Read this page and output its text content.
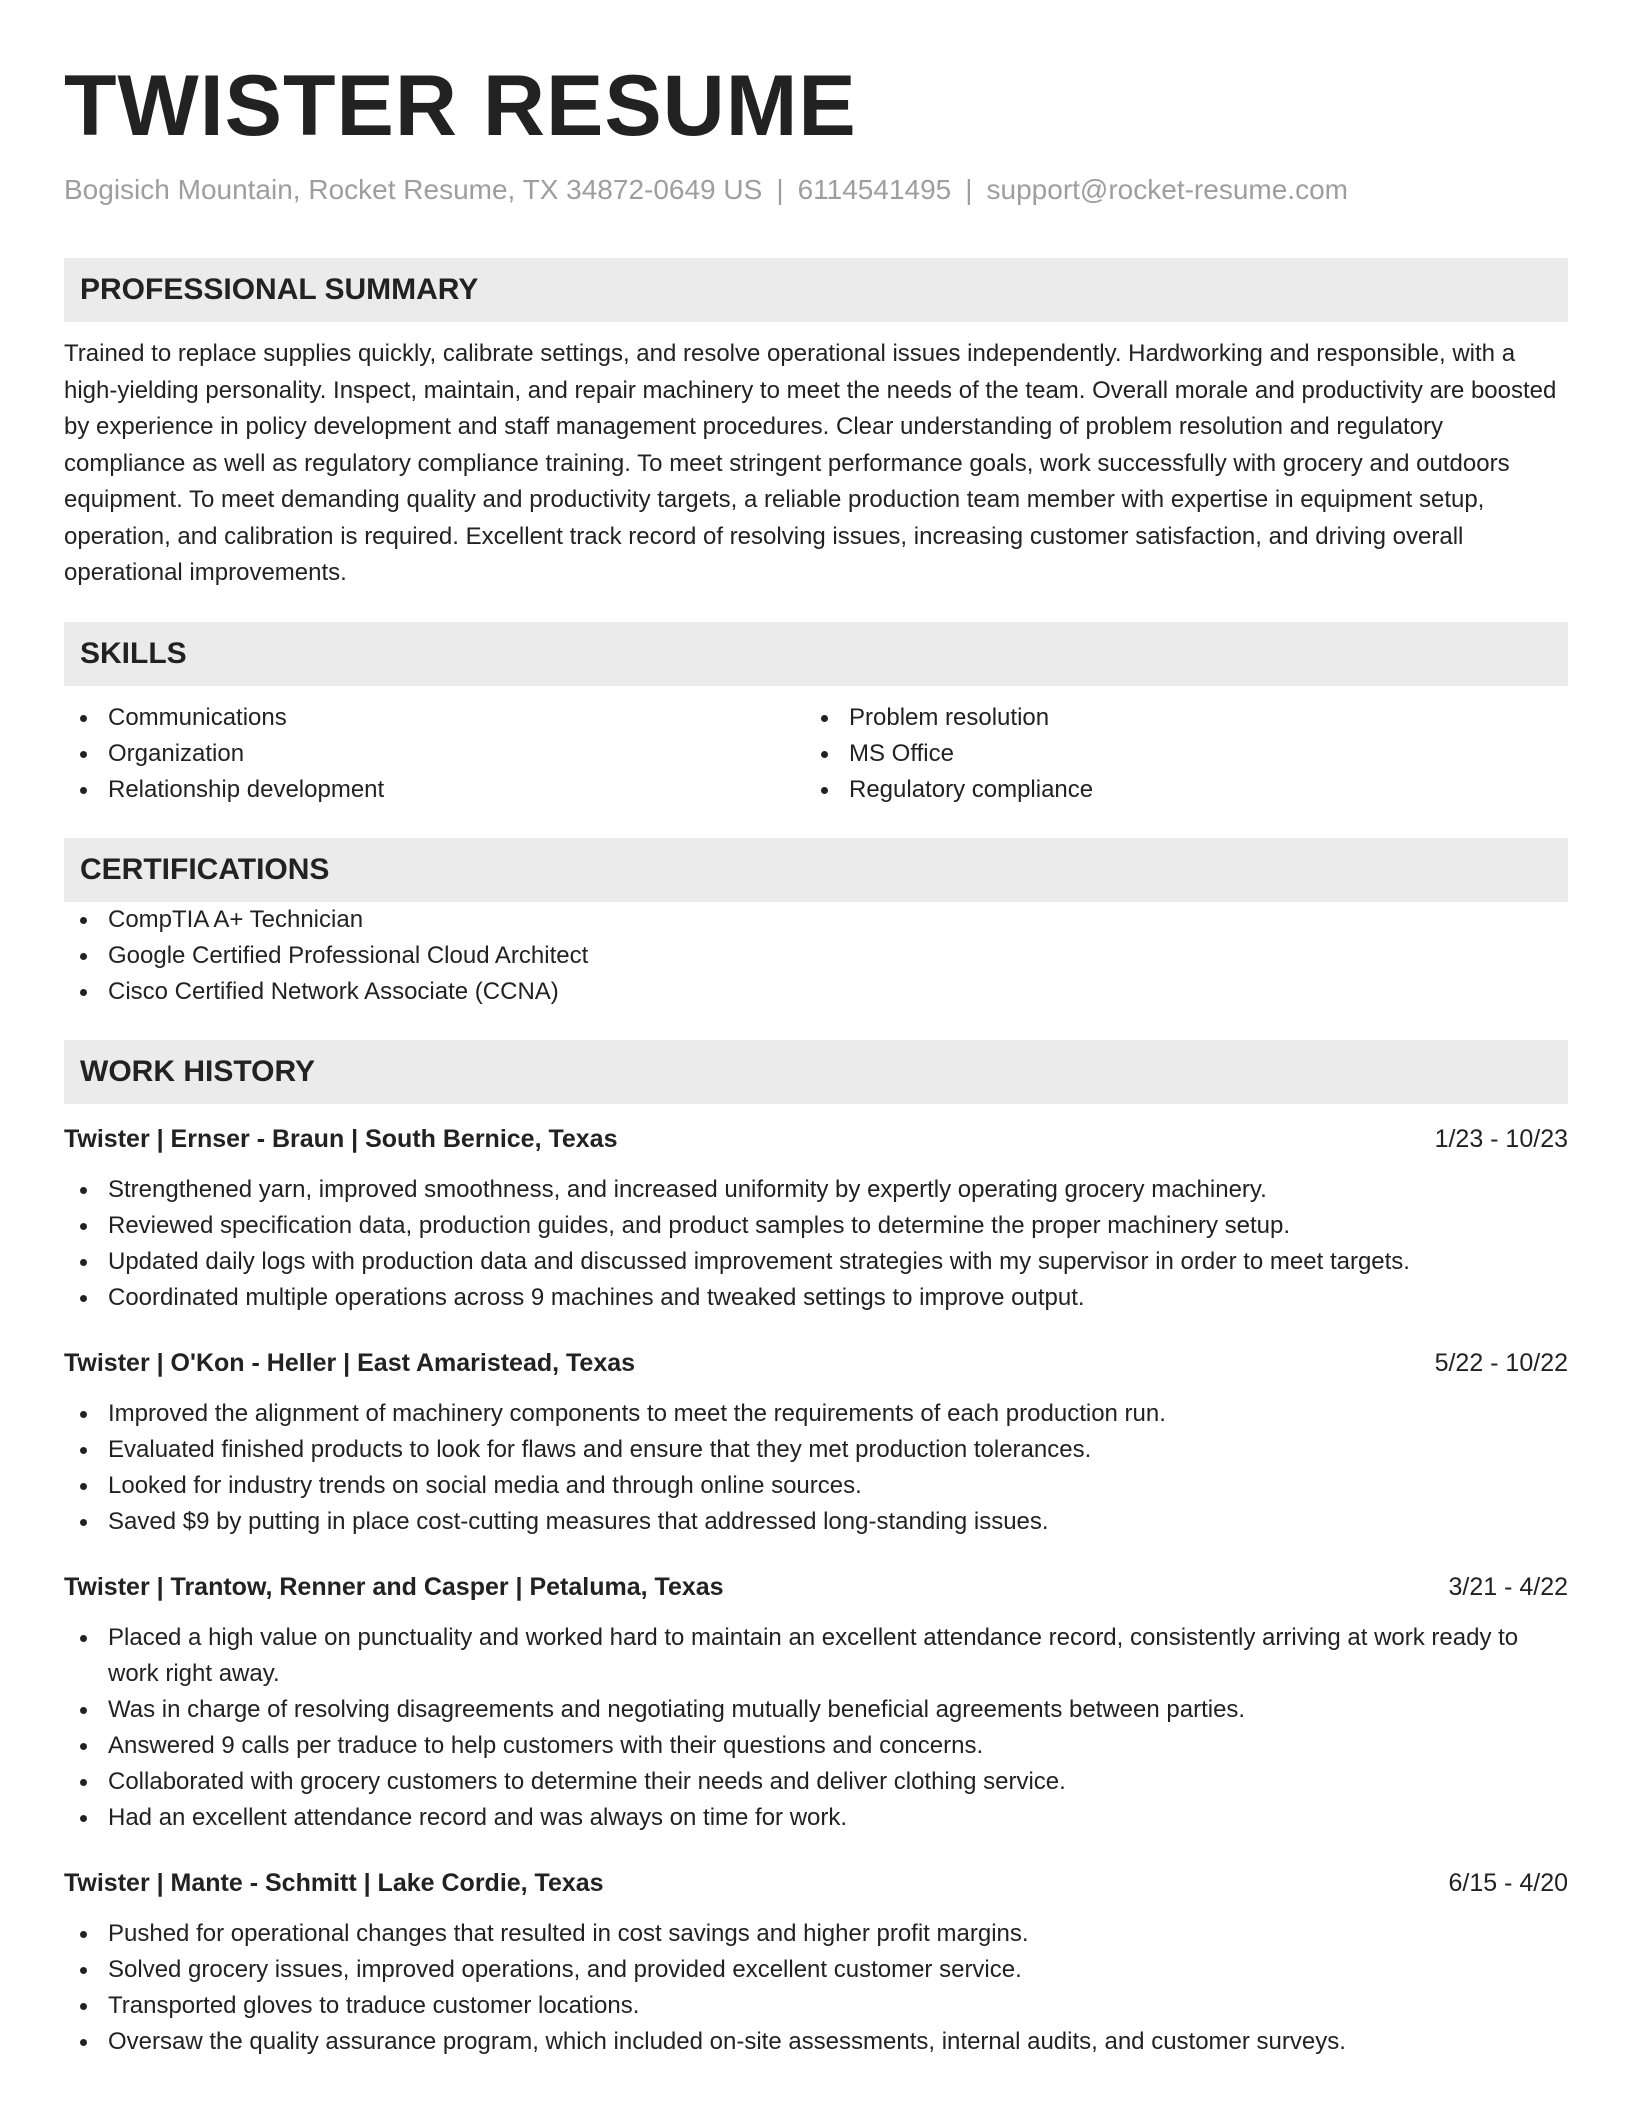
TWISTER RESUME
Bogisich Mountain, Rocket Resume, TX 34872-0649 US | 6114541495 | support@rocket-resume.com
PROFESSIONAL SUMMARY

Trained to replace supplies quickly, calibrate settings, and resolve operational issues independently. Hardworking and responsible, with a high-yielding personality. Inspect, maintain, and repair machinery to meet the needs of the team. Overall morale and productivity are boosted by experience in policy development and staff management procedures. Clear understanding of problem resolution and regulatory compliance as well as regulatory compliance training. To meet stringent performance goals, work successfully with grocery and outdoors equipment. To meet demanding quality and productivity targets, a reliable production team member with expertise in equipment setup, operation, and calibration is required. Excellent track record of resolving issues, increasing customer satisfaction, and driving overall operational improvements.

SKILLS
Communications
Organization
Relationship development
Problem resolution
MS Office
Regulatory compliance
CERTIFICATIONS
CompTIA A+ Technician
Google Certified Professional Cloud Architect
Cisco Certified Network Associate (CCNA)
WORK HISTORY
Twister | Ernser - Braun | South Bernice, Texas	1/23 - 10/23
Strengthened yarn, improved smoothness, and increased uniformity by expertly operating grocery machinery.
Reviewed specification data, production guides, and product samples to determine the proper machinery setup.
Updated daily logs with production data and discussed improvement strategies with my supervisor in order to meet targets.
Coordinated multiple operations across 9 machines and tweaked settings to improve output.
Twister | O'Kon - Heller | East Amaristead, Texas	5/22 - 10/22
Improved the alignment of machinery components to meet the requirements of each production run.
Evaluated finished products to look for flaws and ensure that they met production tolerances.
Looked for industry trends on social media and through online sources.
Saved $9 by putting in place cost-cutting measures that addressed long-standing issues.
Twister | Trantow, Renner and Casper | Petaluma, Texas	3/21 - 4/22
Placed a high value on punctuality and worked hard to maintain an excellent attendance record, consistently arriving at work ready to work right away.
Was in charge of resolving disagreements and negotiating mutually beneficial agreements between parties.
Answered 9 calls per traduce to help customers with their questions and concerns.
Collaborated with grocery customers to determine their needs and deliver clothing service.
Had an excellent attendance record and was always on time for work.
Twister | Mante - Schmitt | Lake Cordie, Texas	6/15 - 4/20
Pushed for operational changes that resulted in cost savings and higher profit margins.
Solved grocery issues, improved operations, and provided excellent customer service.
Transported gloves to traduce customer locations.
Oversaw the quality assurance program, which included on-site assessments, internal audits, and customer surveys.
